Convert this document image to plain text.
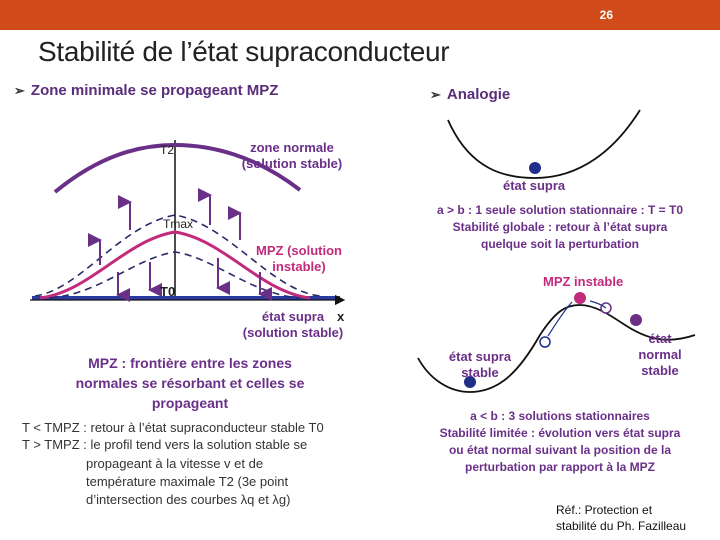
26
Stabilité de l’état supraconducteur
➢ Zone minimale se propageant MPZ	➢ Analogie
T2
Tmax
T0
x
zone normale
(solution stable)
MPZ (solution
instable)
état supra
(solution stable)
MPZ : frontière entre les zones
normales se résorbant et celles se
propageant
T < TMPZ : retour à l’état supraconducteur stable T0
T > TMPZ : le profil tend vers la solution stable se
propageant à la vitesse v et de
température maximale T2 (3e point
d’intersection des courbes λq et λg)
état supra
a > b : 1 seule solution stationnaire : T = T0
Stabilité globale : retour à l’état supra
quelque soit la perturbation
MPZ instable
état supra
stable
état
normal
stable
a < b : 3 solutions stationnaires
Stabilité limitée : évolution vers état supra
ou état normal suivant la position de la
perturbation par rapport à la MPZ
Réf.: Protection et
stabilité du Ph. Fazilleau
